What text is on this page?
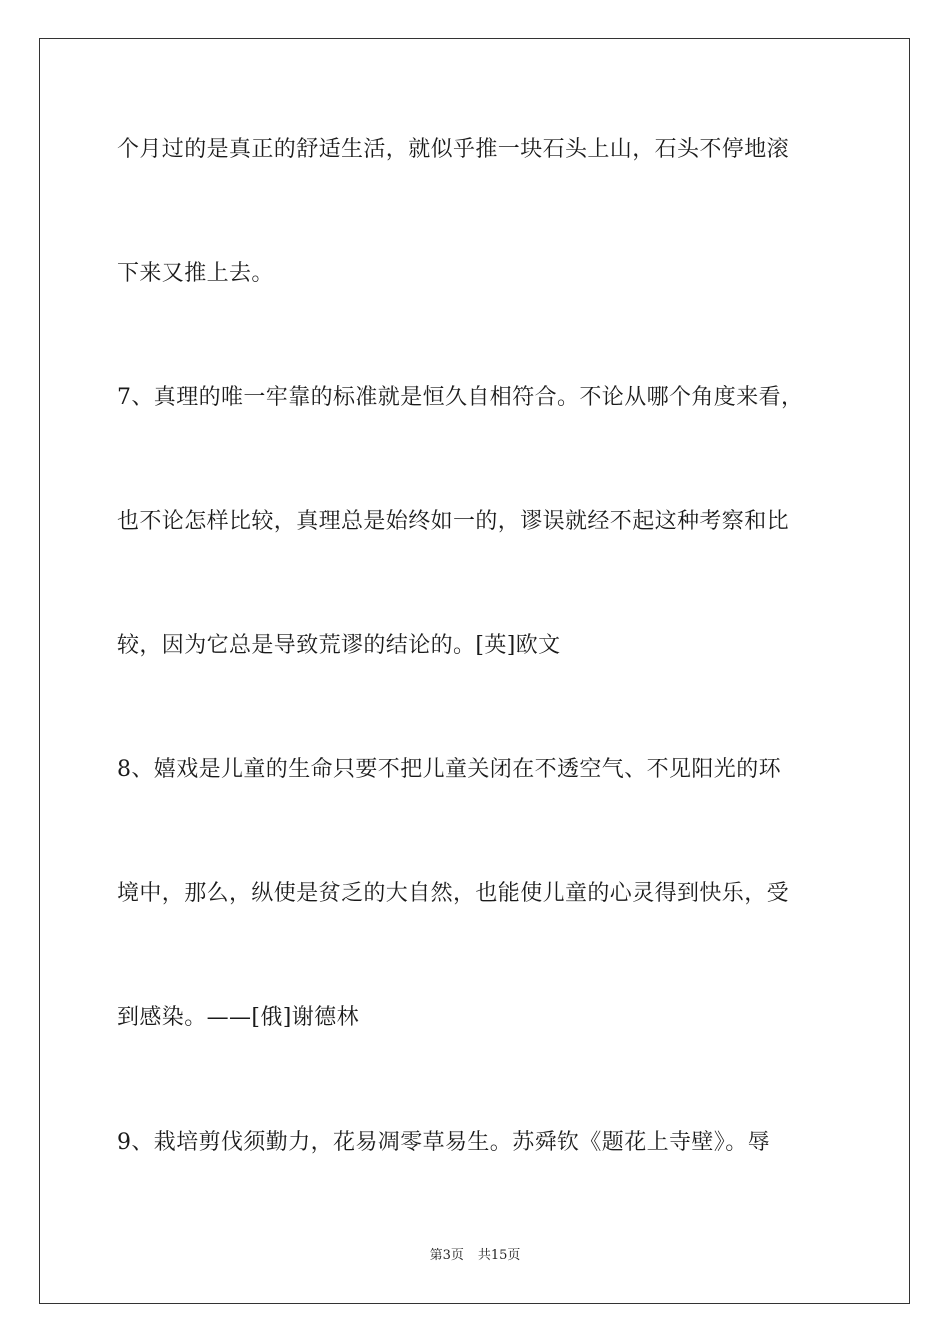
个月过的是真正的舒适生活，就似乎推一块石头上山，石头不停地滚
下来又推上去。
7、真理的唯一牢靠的标准就是恒久自相符合。不论从哪个角度来看，
也不论怎样比较，真理总是始终如一的，谬误就经不起这种考察和比
较，因为它总是导致荒谬的结论的。[英]欧文
8、嬉戏是儿童的生命只要不把儿童关闭在不透空气、不见阳光的环
境中，那么，纵使是贫乏的大自然，也能使儿童的心灵得到快乐，受
到感染。——[俄]谢德林
9、栽培剪伐须勤力，花易凋零草易生。苏舜钦《题花上寺壁》。辱
第3页 共15页
